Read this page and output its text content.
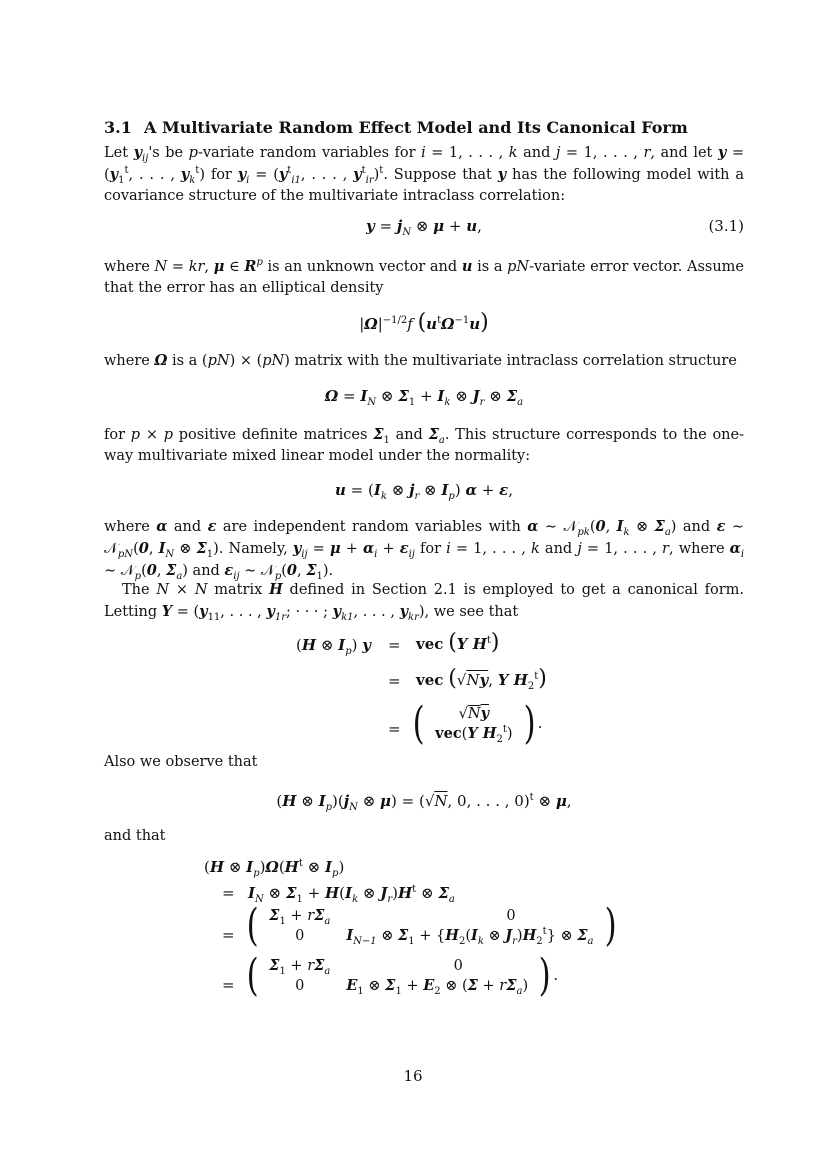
3.1 A Multivariate Random Effect Model and Its Canonical Form
Let $y_{ij}'s$ be p-variate random variables for i = 1, . . . , k and j = 1, . . . , r, and let $y = (y_1^t$, . . . , $y_k^t$) for $y_i = (y^t_{i1}$, . . . , $y^t_{ir})^t$. Suppose that y has the following model with a covariance structure of the multivariate intraclass correlation:
$y = j_N$ ⊗ μ + u,	(3.1)
where N = kr, μ ∈ $R^p$ is an unknown vector and u is a pN-variate error vector. Assume that the error has an elliptical density
$|\Omega|^{-1/2}f$ $(u^t\Omega^{-1}u)$
where Ω is a (pN) × (pN) matrix with the multivariate intraclass correlation structure
$\Omega = I_N$ ⊗ $\Sigma_1 + I_k$ ⊗ $J_r$ ⊗ $\Sigma_a$
for p × p positive definite matrices $\Sigma_1$ and $\Sigma_a$. This structure corresponds to the one-way multivariate mixed linear model under the normality:
$u = (I_k$ ⊗ $j_r$ ⊗ $I_p$) α + ε,
where α and ε are independent random variables with α ∼ 𝒩$_{pk}$(0, $I_k$ ⊗ $\Sigma_a$) and ε ∼ 𝒩$_{pN}$(0, $I_N$ ⊗ $\Sigma_1$). Namely, $y_{ij} = \mu + \alpha_i + \varepsilon_{ij}$ for i = 1, . . . , k and j = 1, . . . , r, where $\alpha_i$ ∼ 𝒩$_p$(0, $\Sigma_a$) and $\varepsilon_{ij}$ ∼ 𝒩$_p$(0, $\Sigma_1$).
The N × N matrix H defined in Section 2.1 is employed to get a canonical form. Letting $Y = (y_{11}$, . . . , $y_{1r}$; · · · ; $y_{k1}$, . . . , $y_{kr}$), we see that
(H ⊗ $I_p$) y = vec (Y $H^t$)
= vec ($√N\overline{y}$, Y $H_2^t$)
= ( $√N\overline{y}$
vec(Y $H_2^t$) ) .
Also we observe that
(H ⊗ $I_p)(j_N$ ⊗ μ) = (√N, 0, . . . , 0)$^t$ ⊗ μ,
and that
(H ⊗ $I_p)\Omega(H^t$ ⊗ $I_p$)
= $I_N$ ⊗ $\Sigma_1 + H(I_k$ ⊗ $J_r)H^t$ ⊗ $\Sigma_a$
= ( $\Sigma_1 + r\Sigma_a$	0
0	$I_{N-1}$ ⊗ $\Sigma_1 + \{H_2(I_k$ ⊗ $J_r)H_2^t$} ⊗ $\Sigma_a$ )
= ( $\Sigma_1 + r\Sigma_a$	0
0	$E_1$ ⊗ $\Sigma_1 + E_2$ ⊗ $(\Sigma + r\Sigma_a)$ ) .
16
